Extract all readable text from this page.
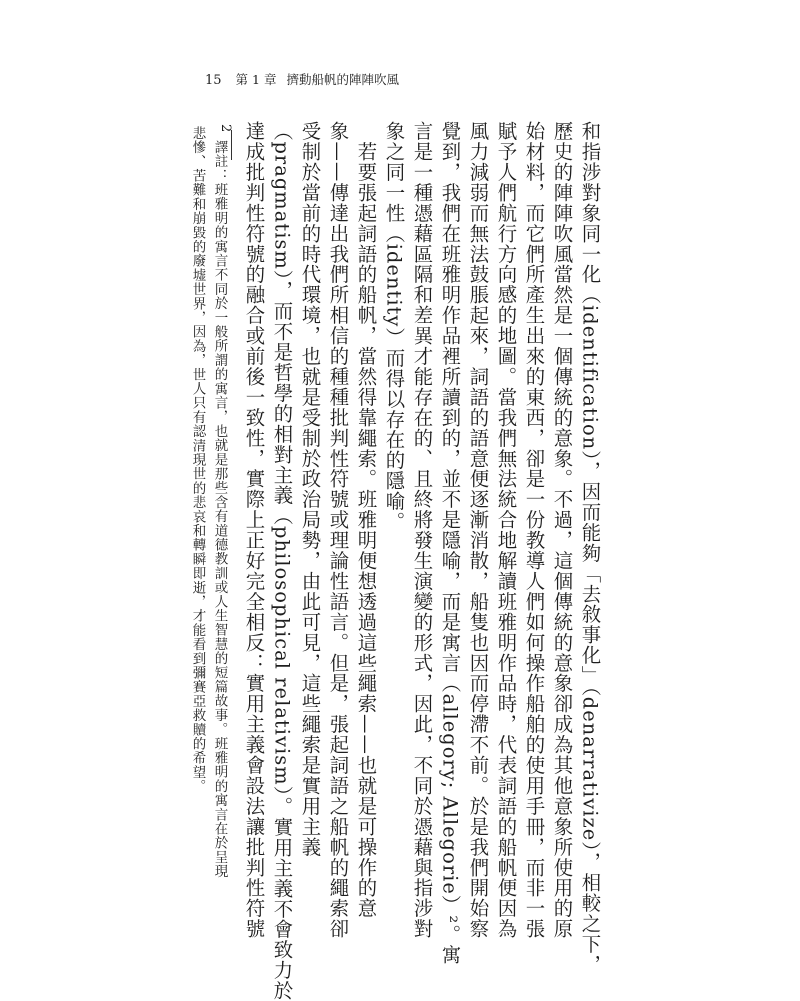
15 第 1 章 擠動船帆的陣陣吹風
和指涉對象同一化（identification），因而能夠「去敘事化」（denarrativize），相較之下，
歷史的陣陣吹風當然是一個傳統的意象。不過，這個傳統的意象卻成為其他意象所使用的原
始材料，而它們所產生出來的東西，卻是一份教導人們如何操作船舶的使用手冊，而非一張
賦予人們航行方向感的地圖。當我們無法統合地解讀班雅明作品時，代表詞語的船帆便因為
風力減弱而無法鼓脹起來，詞語的語意便逐漸消散，船隻也因而停滯不前。於是我們開始察
覺到，我們在班雅明作品裡所讀到的，並不是隱喻，而是寓言（allegory; Allegorie）²。寓
言是一種憑藉區隔和差異才能存在的、且終將發生演變的形式，因此，不同於憑藉與指涉對
象之同一性（identity）而得以存在的隱喻。
　若要張起詞語的船帆，當然得靠繩索。班雅明便想透過這些繩索——也就是可操作的意
象——傳達出我們所相信的種種批判性符號或理論性語言。但是，張起詞語之船帆的繩索卻
受制於當前的時代環境，也就是受制於政治局勢，由此可見，這些繩索是實用主義
（pragmatism），而不是哲學的相對主義（philosophical relativism）。實用主義不會致力於
達成批判性符號的融合或前後一致性，實際上正好完全相反：實用主義會設法讓批判性符號
2
譯註：班雅明的寓言不同於一般所謂的寓言，也就是那些含有道德教訓或人生智慧的短篇故事。班雅明的寓言在於呈現
悲慘、苦難和崩毀的廢墟世界，因為，世人只有認清現世的悲哀和轉瞬即逝，才能看到彌賽亞救贖的希望。
